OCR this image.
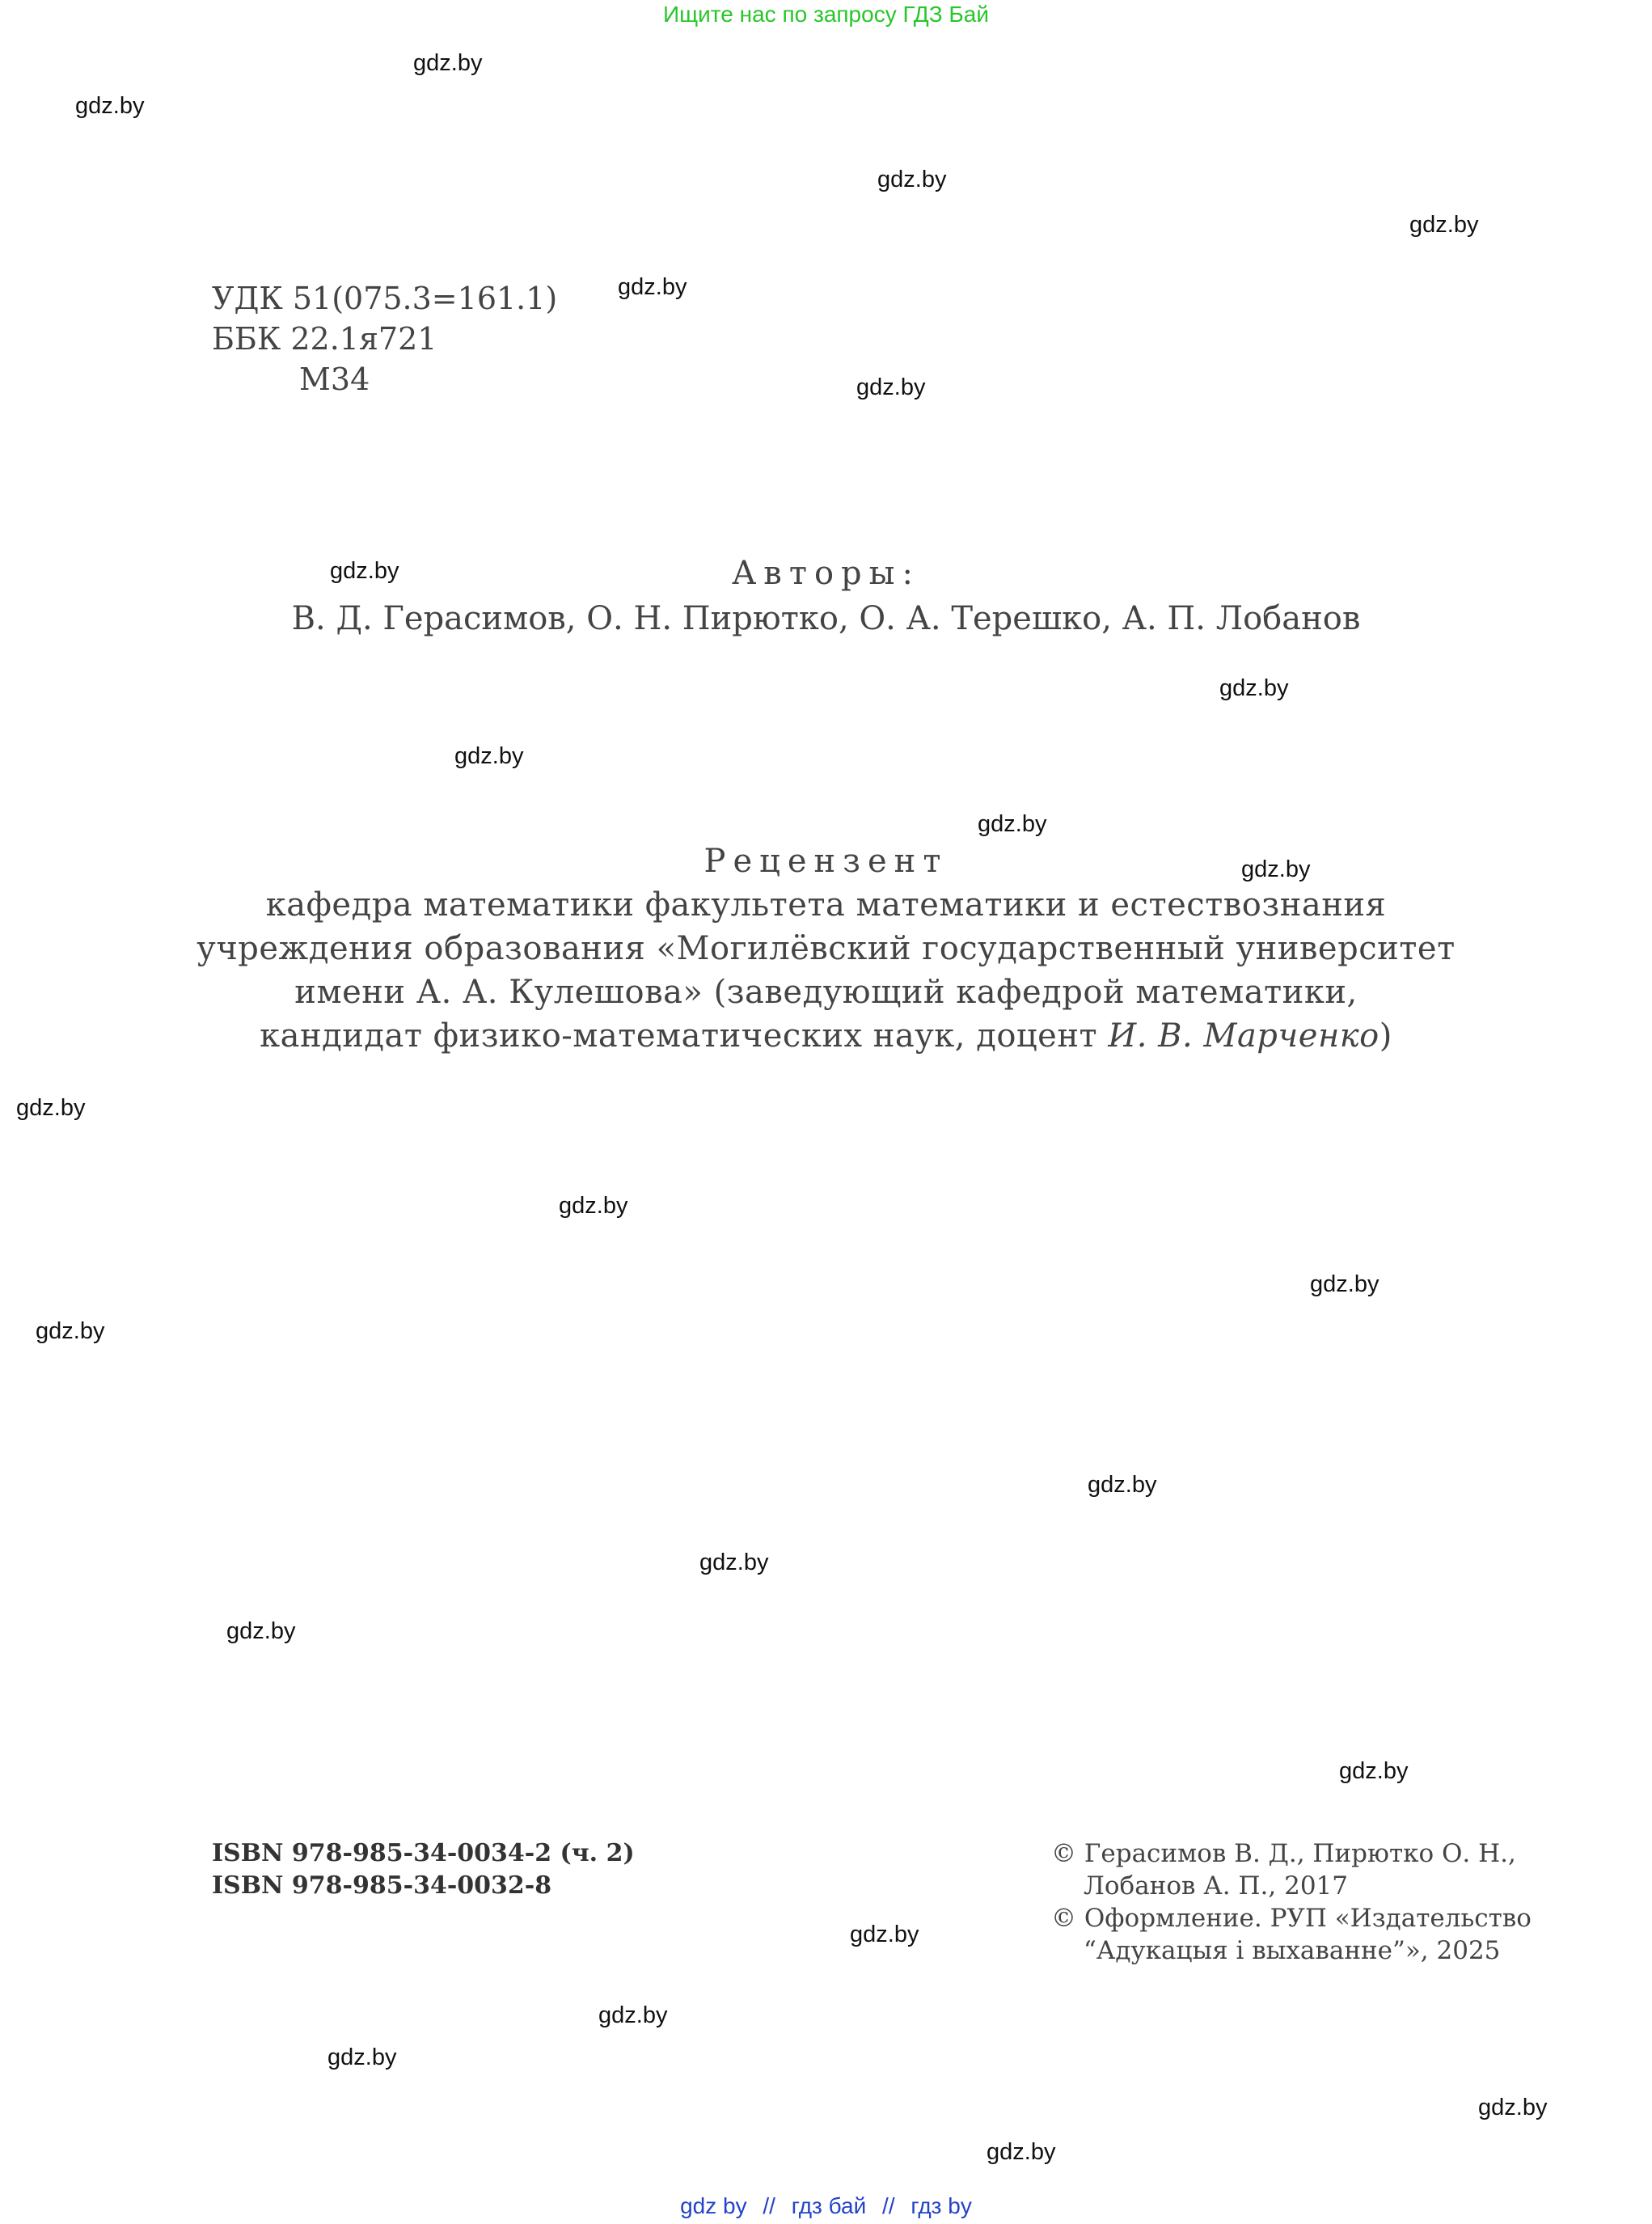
Ищите нас по запросу ГДЗ Бай
gdz.by
gdz.by
gdz.by
gdz.by
gdz.by
gdz.by
gdz.by
gdz.by
gdz.by
gdz.by
gdz.by
gdz.by
gdz.by
gdz.by
gdz.by
gdz.by
gdz.by
gdz.by
gdz.by
gdz.by
gdz.by
gdz.by
gdz.by
gdz.by
УДК 51(075.3=161.1)
ББК 22.1я721
М34
Авторы:
В. Д. Герасимов, О. Н. Пирютко, О. А. Терешко, А. П. Лобанов
Рецензент
кафедра математики факультета математики и естествознания
учреждения образования «Могилёвский государственный университет
имени А. А. Кулешова» (заведующий кафедрой математики,
кандидат физико-математических наук, доцент И. В. Марченко)
ISBN 978-985-34-0034-2 (ч. 2)
ISBN 978-985-34-0032-8
© Герасимов В. Д., Пирютко О. Н.,
Лобанов А. П., 2017
© Оформление. РУП «Издательство
“Адукацыя і выхаванне”», 2025
gdz by // гдз бай // гдз by
